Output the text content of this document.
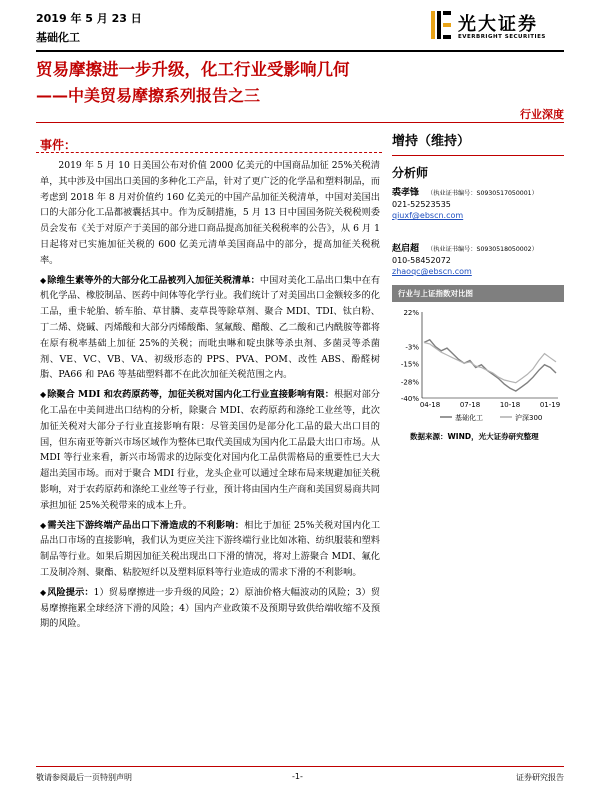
2019 年 5 月 23 日
基础化工
光大证券
EVERBRIGHT SECURITIES
贸易摩擦进一步升级，化工行业受影响几何
——中美贸易摩擦系列报告之三
行业深度
事件：

2019 年 5 月 10 日美国公布对价值 2000 亿美元的中国商品加征 25%关税清单，其中涉及中国出口美国的多种化工产品，针对了更广泛的化学品和塑料制品，而考虑到 2018 年 8 月对价值约 160 亿美元的中国产品加征关税清单，中国对美国出口的大部分化工品都被囊括其中。作为反制措施，5 月 13 日中国国务院关税税则委员会发布《关于对原产于美国的部分进口商品提高加征关税税率的公告》，从 6 月 1 日起将对已实施加征关税的 600 亿美元清单美国商品中的部分，提高加征关税税率。

◆除维生素等外的大部分化工品被列入加征关税清单：中国对美化工品出口集中在有机化学品、橡胶制品、医药中间体等化学行业。我们统计了对美国出口金额较多的化工品，重卡轮胎、轿车胎、草甘膦、麦草畏等除草剂、聚合 MDI、TDI、钛白粉、丁二烯、烧碱、丙烯酸和大部分丙烯酸酯、氢氟酸、醋酸、乙二酸和己内酰胺等都将在原有税率基础上加征 25%的关税；而吡虫啉和啶虫脒等杀虫剂、多菌灵等杀菌剂、VE、VC、VB、VA、初级形态的 PPS、PVA、POM、改性 ABS、酚醛树脂、PA66 和 PA6 等基础塑料都不在此次加征关税范围之内。

◆除聚合 MDI 和农药原药等，加征关税对国内化工行业直接影响有限：根据对部分化工品在中美间进出口结构的分析，除聚合 MDI、农药原药和涤纶工业丝等，此次加征关税对大部分子行业直接影响有限：尽管美国仍是部分化工品的最大出口目的国，但东南亚等新兴市场区域作为整体已取代美国成为国内化工品最大出口市场。从 MDI 等行业来看，新兴市场需求的边际变化对国内化工品供需格局的重要性已大大超出美国市场。而对于聚合 MDI 行业，龙头企业可以通过全球布局来规避加征关税影响，对于农药原药和涤纶工业丝等子行业，预计将由国内生产商和美国贸易商共同承担加征 25%关税带来的成本上升。

◆需关注下游终端产品出口下滑造成的不利影响：相比于加征 25%关税对国内化工品出口市场的直接影响，我们认为更应关注下游终端行业比如冰箱、纺织服装和塑料制品等行业。如果后期因加征关税出现出口下滑的情况，将对上游聚合 MDI、氟化工及制冷剂、聚酯、粘胶短纤以及塑料原料等行业造成的需求下滑的不利影响。

◆风险提示：1）贸易摩擦进一步升级的风险；2）原油价格大幅波动的风险；3）贸易摩擦拖累全球经济下滑的风险；4）国内产业政策不及预期导致供给端收缩不及预期的风险。

增持（维持）
分析师
裘孝锋 （执业证书编号：S0930517050001）
021-52523535
qiuxf@ebscn.com
赵启超 （执业证书编号：S0930518050002）
010-58452072
zhaoqc@ebscn.com
行业与上证指数对比图
22%
-3%
-15%
-28%
-40%
04-18	07-18	10-18	01-19
基础化工	沪深300
数据来源：WIND，光大证券研究整理
敬请参阅最后一页特别声明	-1-	证券研究报告
